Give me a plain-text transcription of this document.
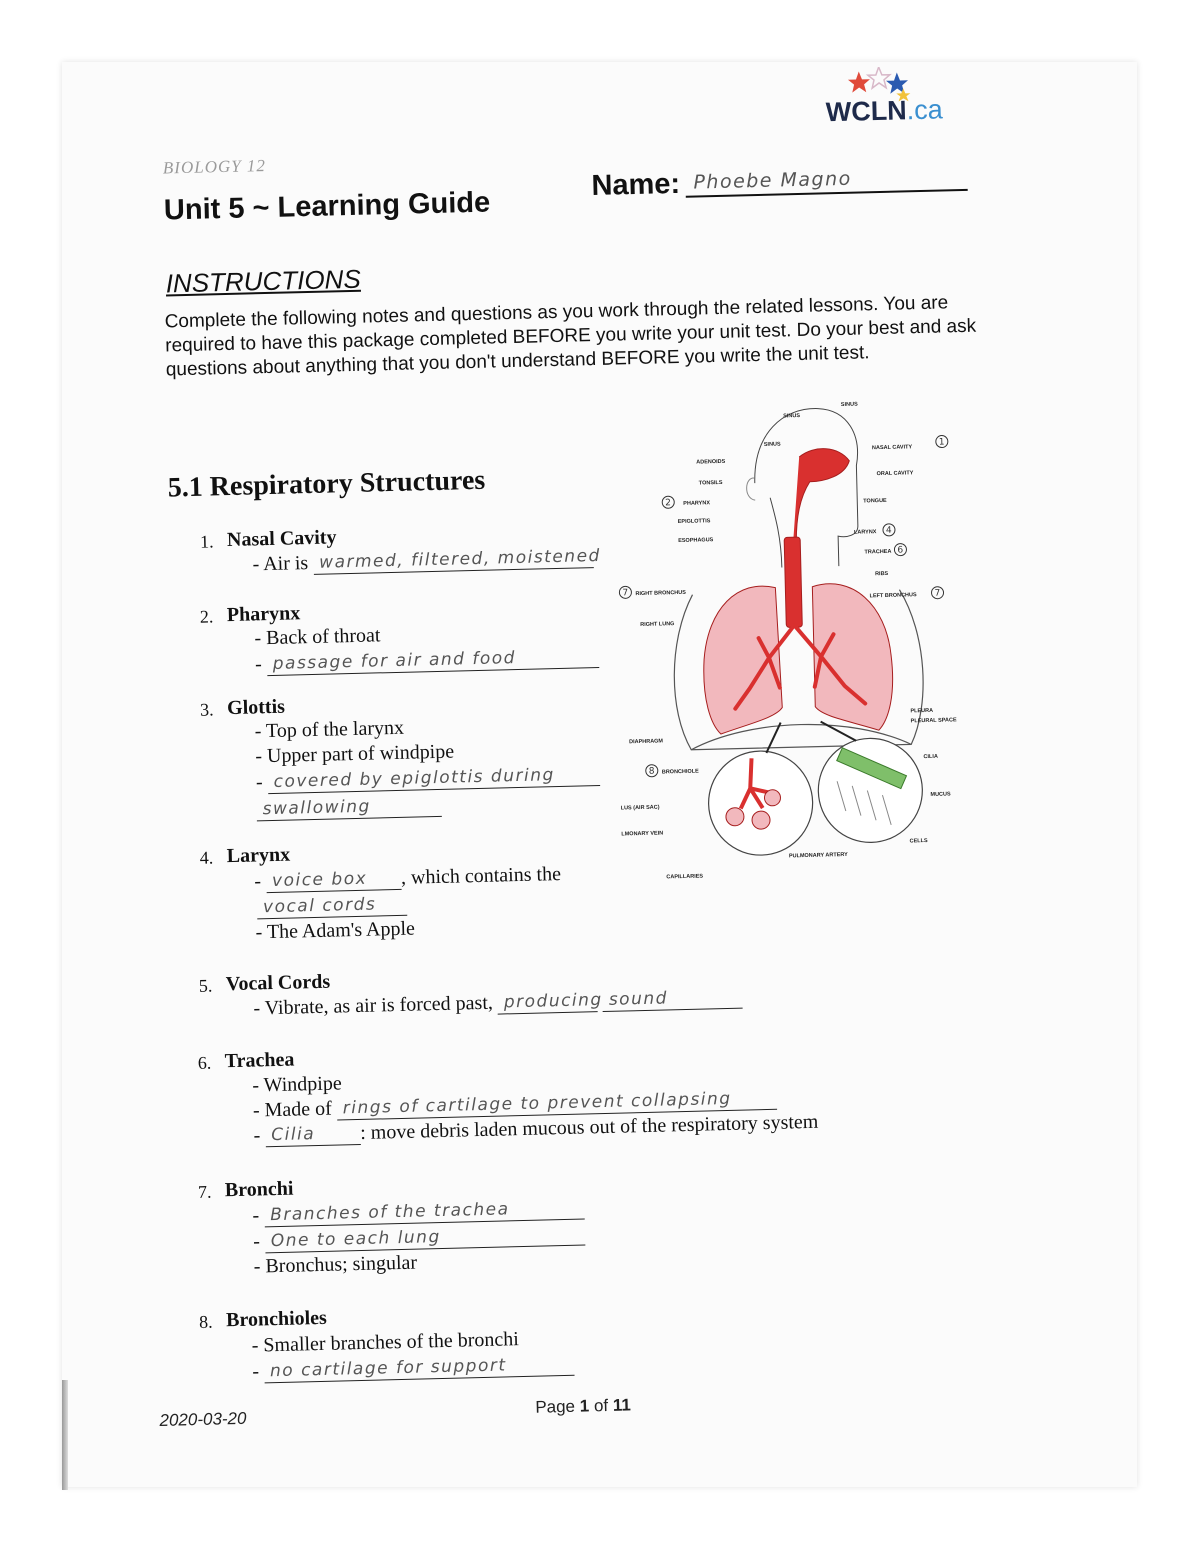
WCLN.ca
BIOLOGY 12
Unit 5 ~ Learning Guide
Name: Phoebe Magno
INSTRUCTIONS
Complete the following notes and questions as you work through the related lessons. You are required to have this package completed BEFORE you write your unit test. Do your best and ask questions about anything that you don't understand BEFORE you write the unit test.
5.1 Respiratory Structures
1. Nasal Cavity
- Air is warmed, filtered, moistened
2. Pharynx
- Back of throat
- passage for air and food
3. Glottis
- Top of the larynx
- Upper part of windpipe
- covered by epiglottis during
swallowing
4. Larynx
- voice box , which contains the
vocal cords
- The Adam's Apple
5. Vocal Cords
- Vibrate, as air is forced past, producing
sound
6. Trachea
- Windpipe
- Made of rings of cartilage to prevent collapsing
- Cilia : move debris laden mucous out of the respiratory system
7. Bronchi
- Branches of the trachea
- One to each lung
- Bronchus; singular
8. Bronchioles
- Smaller branches of the bronchi
- no cartilage for support
SINUS
SINUS
SINUS	NASAL CAVITY
ORAL CAVITY
TONGUE
ADENOIDS
TONSILS
PHARYNX
EPIGLOTTIS
ESOPHAGUS
LARYNX
TRACHEA
RIBS
RIGHT BRONCHUS	LEFT BRONCHUS
RIGHT LUNG
PLEURA
PLEURAL SPACE
DIAPHRAGM
BRONCHIOLE
CILIA
MUCUS
LUS (AIR SAC)
LMONARY VEIN
CELLS
PULMONARY ARTERY
CAPILLARIES
1
2
4
6
7	7
8
2020-03-20
Page 1 of 11
